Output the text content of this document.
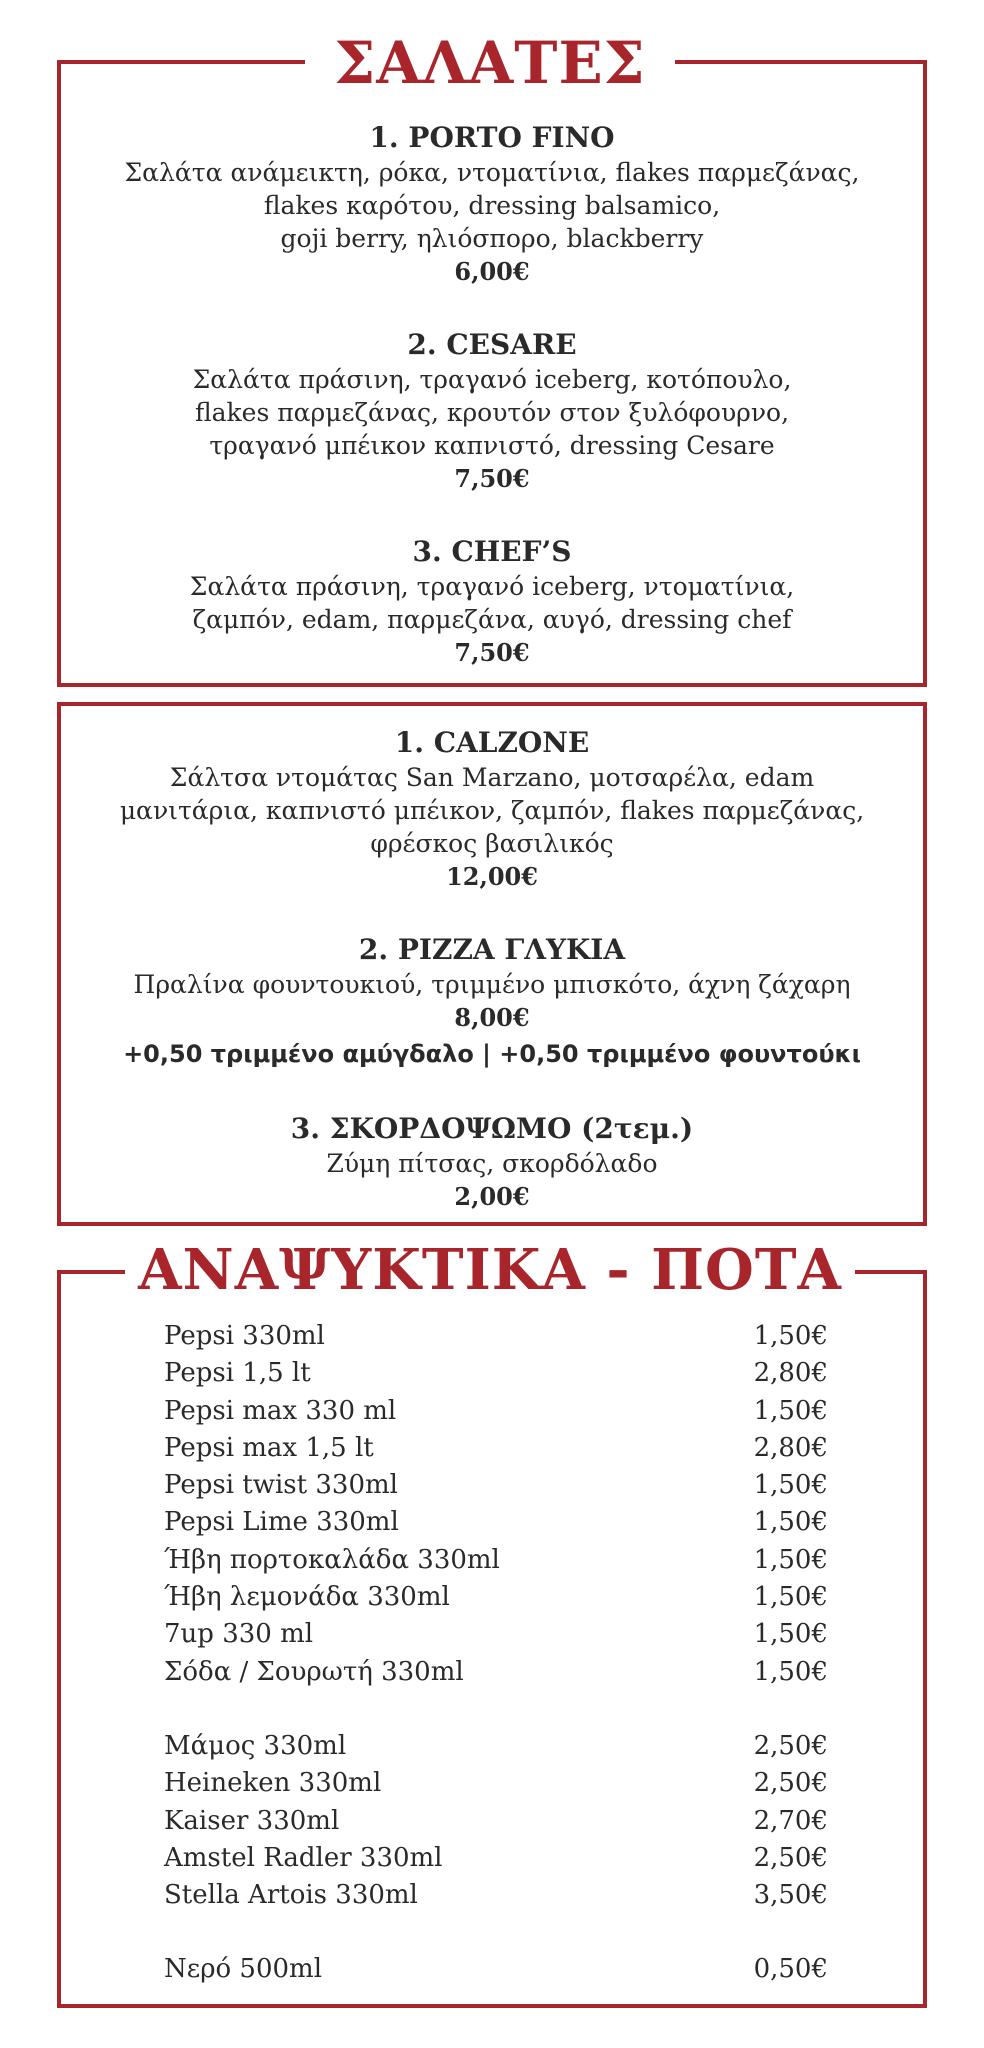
ΣΑΛΑΤΕΣ
1. PORTO FINO
Σαλάτα ανάμεικτη, ρόκα, ντοματίνια, flakes παρμεζάνας,
flakes καρότου, dressing balsamico,
goji berry, ηλιόσπορο, blackberry
6,00€
2. CESARE
Σαλάτα πράσινη, τραγανό iceberg, κοτόπουλο,
flakes παρμεζάνας, κρουτόν στον ξυλόφουρνο,
τραγανό μπέικον καπνιστό, dressing Cesare
7,50€
3. CHEF’S
Σαλάτα πράσινη, τραγανό iceberg, ντοματίνια,
ζαμπόν, edam, παρμεζάνα, αυγό, dressing chef
7,50€
1. CALZONE
Σάλτσα ντομάτας San Marzano, μοτσαρέλα, edam
μανιτάρια, καπνιστό μπέικον, ζαμπόν, flakes παρμεζάνας,
φρέσκος βασιλικός
12,00€
2. PIZZA ΓΛΥΚΙΑ
Πραλίνα φουντουκιού, τριμμένο μπισκότο, άχνη ζάχαρη
8,00€
+0,50 τριμμένο αμύγδαλο | +0,50 τριμμένο φουντούκι
3. ΣΚΟΡΔΟΨΩΜΟ (2τεμ.)
Ζύμη πίτσας, σκορδόλαδο
2,00€
ΑΝΑΨΥΚΤΙΚΑ - ΠΟΤΑ
Pepsi 330ml	1,50€
Pepsi 1,5 lt	2,80€
Pepsi max 330 ml	1,50€
Pepsi max 1,5 lt	2,80€
Pepsi twist 330ml	1,50€
Pepsi Lime 330ml	1,50€
Ήβη πορτοκαλάδα 330ml	1,50€
Ήβη λεμονάδα 330ml	1,50€
7up 330 ml	1,50€
Σόδα / Σουρωτή 330ml	1,50€
Μάμος 330ml	2,50€
Heineken 330ml	2,50€
Kaiser 330ml	2,70€
Amstel Radler 330ml	2,50€
Stella Artois 330ml	3,50€
Νερό 500ml	0,50€
